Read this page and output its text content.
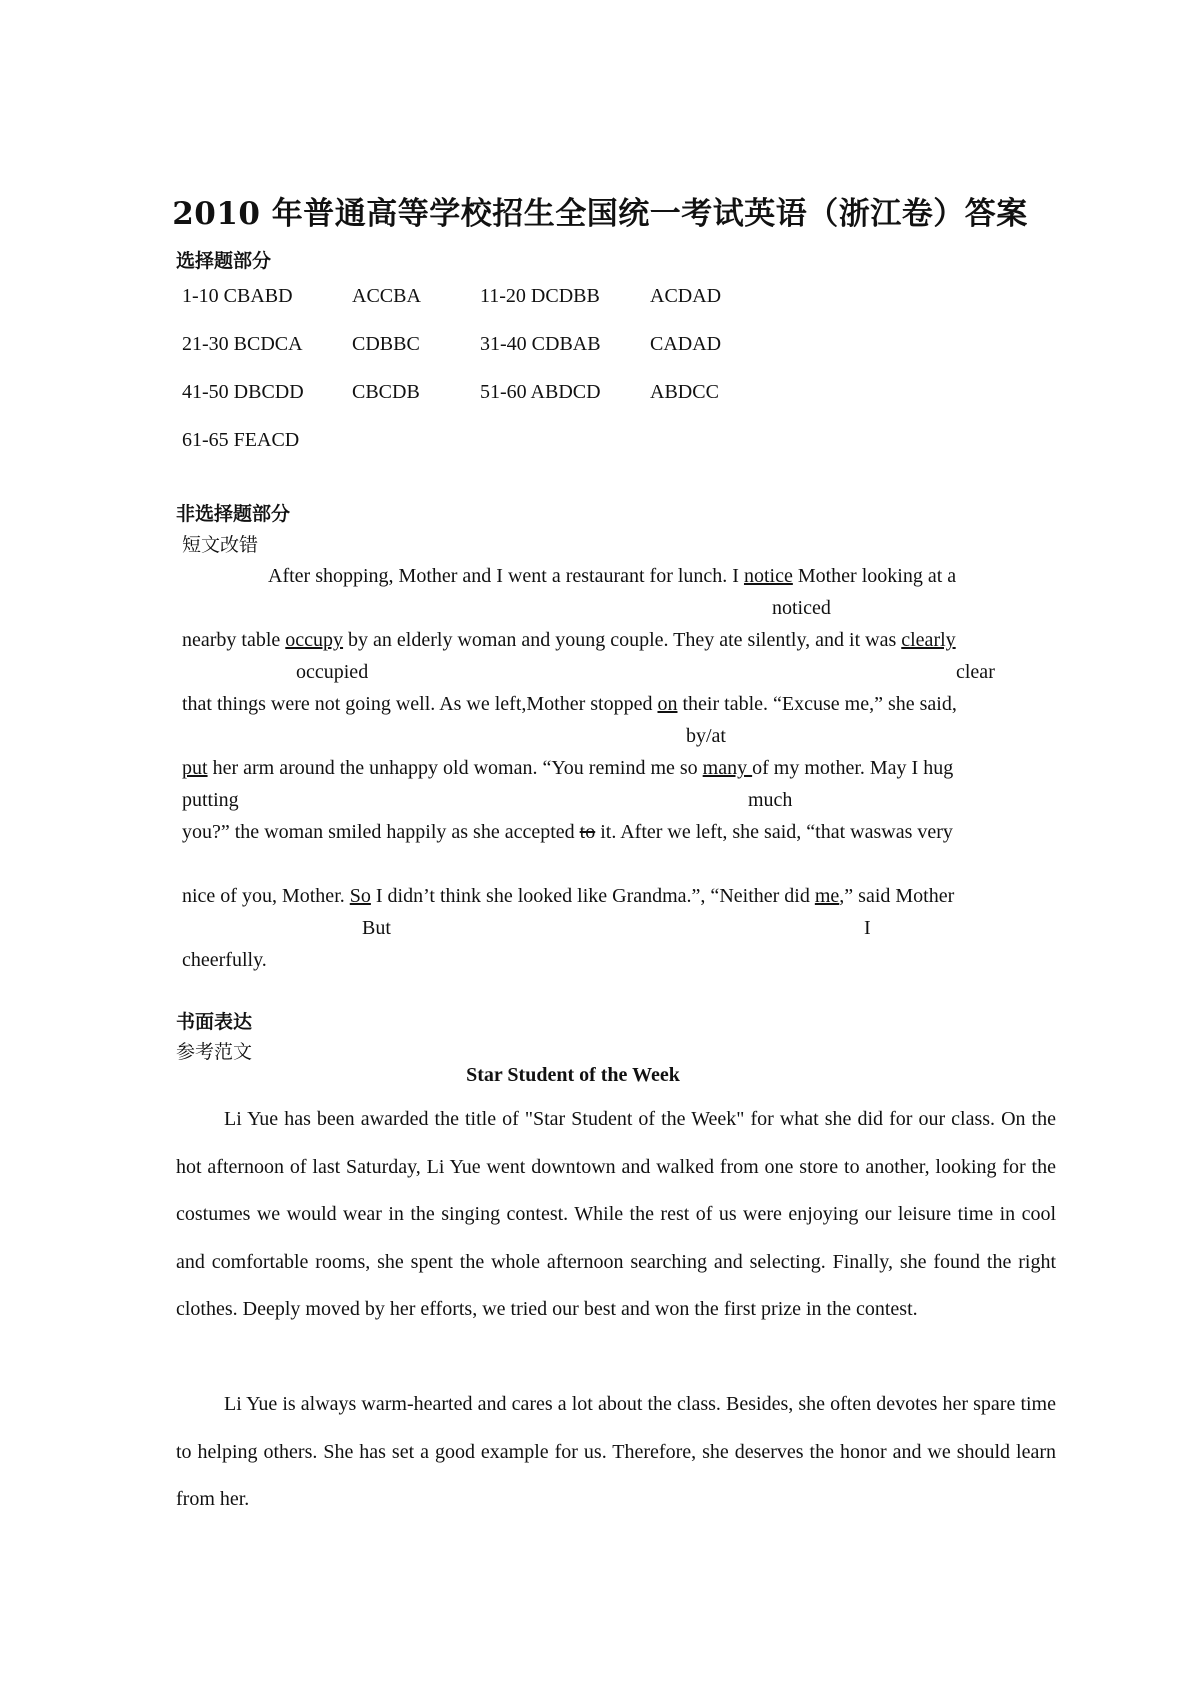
2010 年普通高等学校招生全国统一考试英语（浙江卷）答案
选择题部分
1-10 CBABD	ACCBA	11-20 DCDBB	ACDAD
21-30 BCDCA CDBBC	31-40 CDBAB CADAD
41-50 DBCDD CBCDB	51-60 ABDCD ABDCC
61-65 FEACD
非选择题部分
短文改错
After shopping, Mother and I went a restaurant for lunch. I notice Mother looking at a
noticed
nearby table occupy by an elderly woman and young couple. They ate silently, and it was clearly
occupied	clear
that things were not going well. As we left,Mother stopped on their table. “Excuse me,” she said,
by/at
put her arm around the unhappy old woman. “You remind me so many of my mother. May I hug
putting	much
you?” the woman smiled happily as she accepted to it. After we left, she said, “that waswas very
nice of you, Mother. So I didn’t think she looked like Grandma.”, “Neither did me,” said Mother
But	I
cheerfully.
书面表达
参考范文
Star Student of the Week

Li Yue has been awarded the title of "Star Student of the Week" for what she did for our class. On the hot afternoon of last Saturday, Li Yue went downtown and walked from one store to another, looking for the costumes we would wear in the singing contest. While the rest of us were enjoying our leisure time in cool and comfortable rooms, she spent the whole afternoon searching and selecting. Finally, she found the right clothes. Deeply moved by her efforts, we tried our best and won the first prize in the contest.

Li Yue is always warm-hearted and cares a lot about the class. Besides, she often devotes her spare time to helping others. She has set a good example for us. Therefore, she deserves the honor and we should learn from her.
